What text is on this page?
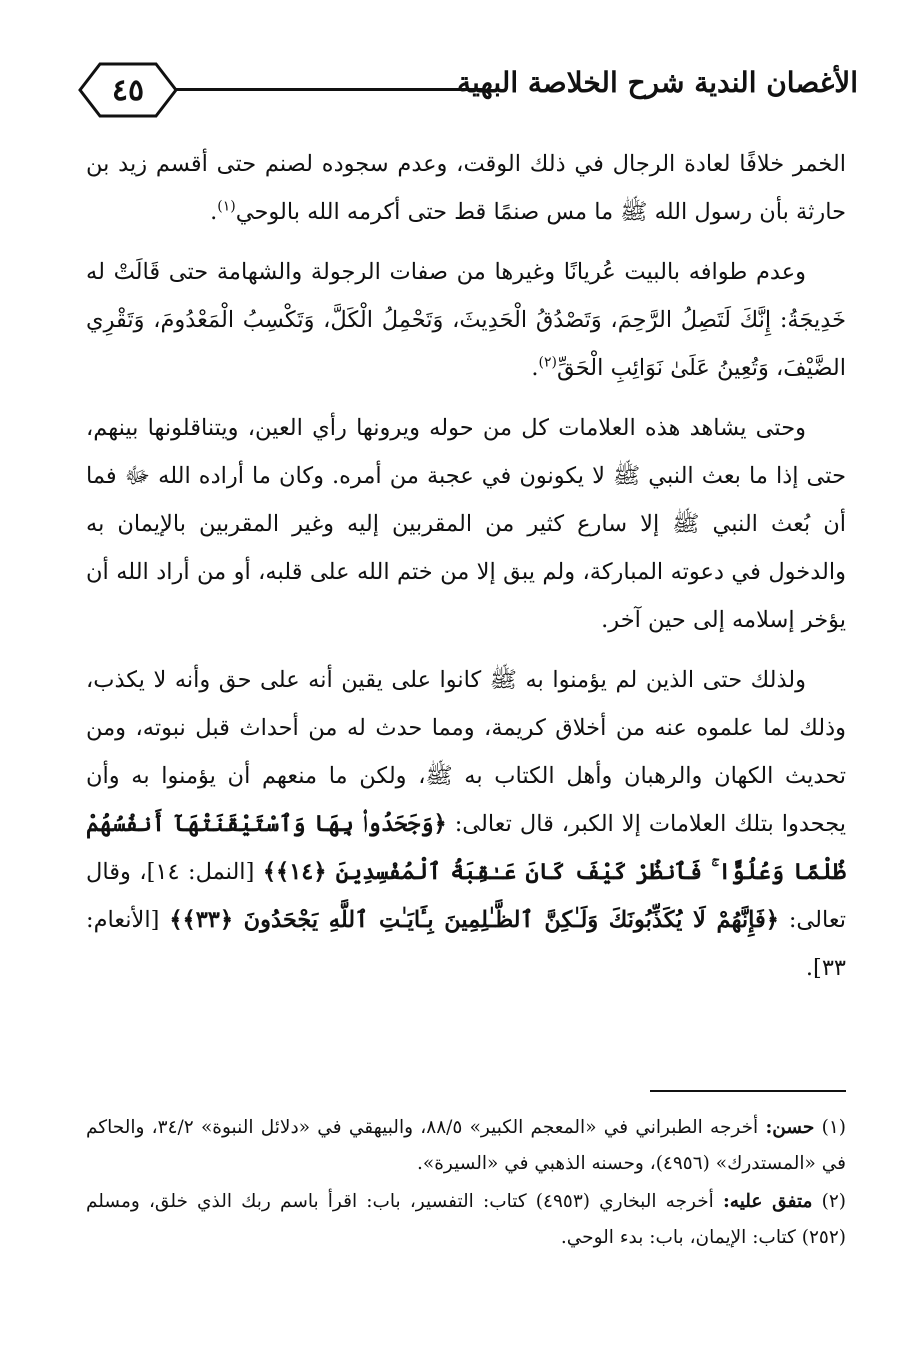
٤٥	الأغصان الندية شرح الخلاصة البهية

الخمر خلافًا لعادة الرجال في ذلك الوقت، وعدم سجوده لصنم حتى أقسم زيد بن حارثة بأن رسول الله ﷺ ما مس صنمًا قط حتى أكرمه الله بالوحي$^{(١)}$.

وعدم طوافه بالبيت عُريانًا وغيرها من صفات الرجولة والشهامة حتى قَالَتْ له خَدِيجَةُ: إِنَّكَ لَتَصِلُ الرَّحِمَ، وَتَصْدُقُ الْحَدِيثَ، وَتَحْمِلُ الْكَلَّ، وَتَكْسِبُ الْمَعْدُومَ، وَتَقْرِي الضَّيْفَ، وَتُعِينُ عَلَىٰ نَوَائِبِ الْحَقِّ$^{(٢)}$.

وحتى يشاهد هذه العلامات كل من حوله ويرونها رأي العين، ويتناقلونها بينهم، حتى إذا ما بعث النبي ﷺ لا يكونون في عجبة من أمره. وكان ما أراده الله ﷻ فما أن بُعث النبي ﷺ إلا سارع كثير من المقربين إليه وغير المقربين بالإيمان به والدخول في دعوته المباركة، ولم يبق إلا من ختم الله على قلبه، أو من أراد الله أن يؤخر إسلامه إلى حين آخر.

ولذلك حتى الذين لم يؤمنوا به ﷺ كانوا على يقين أنه على حق وأنه لا يكذب، وذلك لما علموه عنه من أخلاق كريمة، ومما حدث له من أحداث قبل نبوته، ومن تحديث الكهان والرهبان وأهل الكتاب به ﷺ، ولكن ما منعهم أن يؤمنوا به وأن يجحدوا بتلك العلامات إلا الكبر، قال تعالى: ﴿وَجَحَدُوا۟ بِهَا وَٱسْتَيْقَنَتْهَآ أَنفُسُهُمْ ظُلْمًا وَعُلُوًّا ۚ فَٱنظُرْ كَيْفَ كَانَ عَـٰقِبَةُ ٱلْمُفْسِدِينَ ﴿١٤﴾﴾ [النمل: ١٤]، وقال تعالى: ﴿فَإِنَّهُمْ لَا يُكَذِّبُونَكَ وَلَـٰكِنَّ ٱلظَّـٰلِمِينَ بِـَٔايَـٰتِ ٱللَّهِ يَجْحَدُونَ ﴿٣٣﴾﴾ [الأنعام: ٣٣].

(١) حسن: أخرجه الطبراني في «المعجم الكبير» ٨٨/٥، والبيهقي في «دلائل النبوة» ٣٤/٢، والحاكم في «المستدرك» (٤٩٥٦)، وحسنه الذهبي في «السيرة».

(٢) متفق عليه: أخرجه البخاري (٤٩٥٣) كتاب: التفسير، باب: اقرأ باسم ربك الذي خلق، ومسلم (٢٥٢) كتاب: الإيمان، باب: بدء الوحي.
